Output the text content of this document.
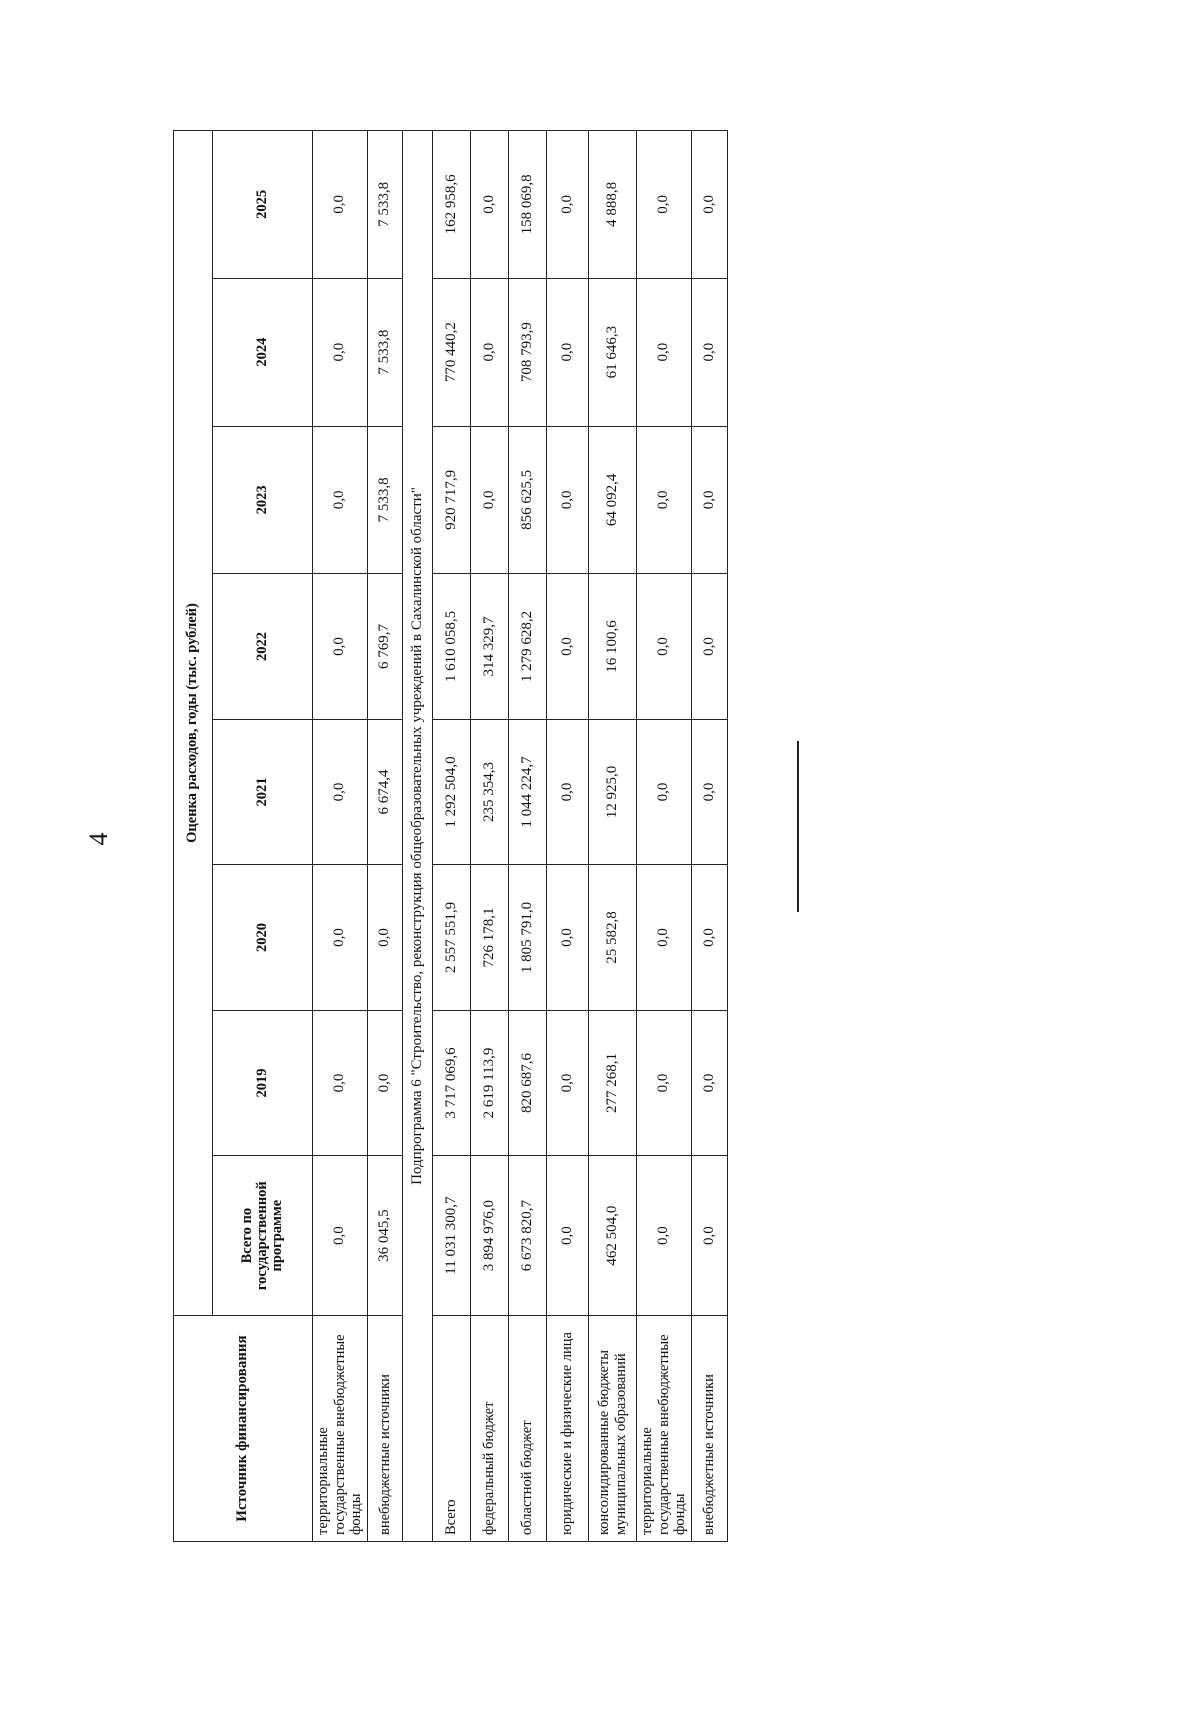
4
Источник финансирования	Оценка расходов, годы (тыс. рублей)							
	Всего по государственной программе	2019	2020	2021	2022	2023	2024	2025
территориальные государственные внебюджетные фонды	0,0	0,0	0,0	0,0	0,0	0,0	0,0	0,0
внебюджетные источники	36 045,5	0,0	0,0	6 674,4	6 769,7	7 533,8	7 533,8	7 533,8
Подпрограмма 6 "Строительство, реконструкция общеобразовательных учреждений в Сахалинской области"								
Всего	11 031 300,7	3 717 069,6	2 557 551,9	1 292 504,0	1 610 058,5	920 717,9	770 440,2	162 958,6
федеральный бюджет	3 894 976,0	2 619 113,9	726 178,1	235 354,3	314 329,7	0,0	0,0	0,0
областной бюджет	6 673 820,7	820 687,6	1 805 791,0	1 044 224,7	1 279 628,2	856 625,5	708 793,9	158 069,8
юридические и физические лица	0,0	0,0	0,0	0,0	0,0	0,0	0,0	0,0
консолидированные бюджеты муниципальных образований	462 504,0	277 268,1	25 582,8	12 925,0	16 100,6	64 092,4	61 646,3	4 888,8
территориальные государственные внебюджетные фонды	0,0	0,0	0,0	0,0	0,0	0,0	0,0	0,0
внебюджетные источники	0,0	0,0	0,0	0,0	0,0	0,0	0,0	0,0
